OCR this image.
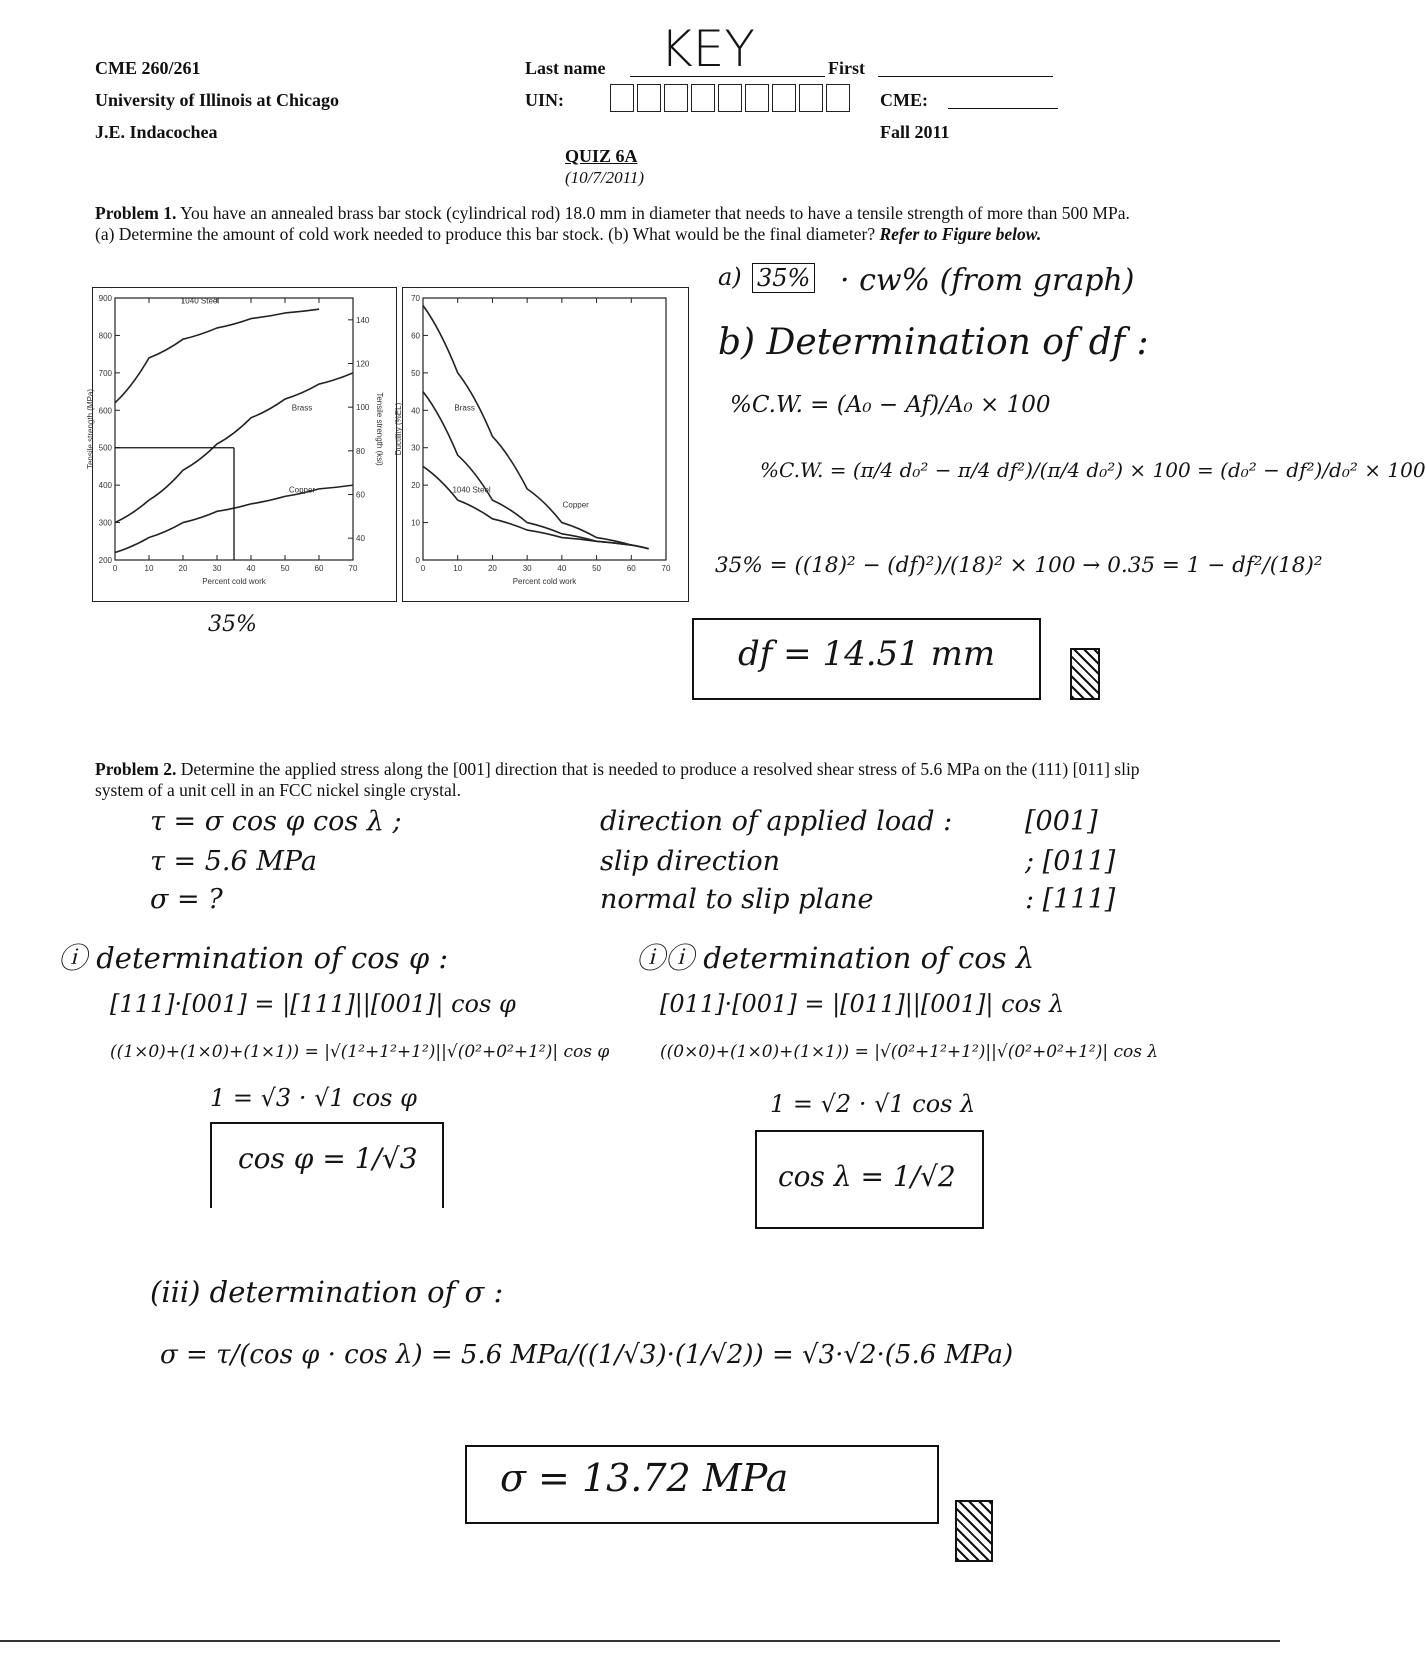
CME 260/261
University of Illinois at Chicago
J.E. Indacochea
Last name KEY	First
UIN:	CME:
Fall 2011
QUIZ 6A
(10/7/2011)
Problem 1. You have an annealed brass bar stock (cylindrical rod) 18.0 mm in diameter that needs to have a tensile strength of more than 500 MPa. (a) Determine the amount of cold work needed to produce this bar stock. (b) What would be the final diameter? Refer to Figure below.
0	10	20	30	40	50	60	70
200
300
400
500
600
700
800
900
40
60
80
100
120
140
Tensile strength (ksi)
Percent cold work
Tensile strength (MPa)
1040 Steel
Brass
Copper
0	10	20	30	40	50	60	70
0
10
20
30
40
50
60
70
Percent cold work
Ductility (%EL)	Brass
Copper
1040 Steel
35%
a) 35% · cw% (from graph)
b) Determination of df :
%C.W. = (A₀ − Af)/A₀ × 100
%C.W. = (π/4 d₀² − π/4 df²)/(π/4 d₀²) × 100 = (d₀² − df²)/d₀² × 100
35% = ((18)² − (df)²)/(18)² × 100 → 0.35 = 1 − df²/(18)²
df = 14.51 mm
Problem 2. Determine the applied stress along the [001] direction that is needed to produce a resolved shear stress of 5.6 MPa on the (111) [011] slip system of a unit cell in an FCC nickel single crystal.
τ = σ cos φ cos λ ;
τ = 5.6 MPa
σ = ?
direction of applied load :	[001]
slip direction	; [011]
normal to slip plane	: [111]
ⓘ determination of cos φ :
[111]·[001] = |[111]||[001]| cos φ
((1×0)+(1×0)+(1×1)) = |√(1²+1²+1²)||√(0²+0²+1²)| cos φ
1 = √3 · √1 cos φ
cos φ = 1/√3
ⓘⓘ determination of cos λ
[011]·[001] = |[011]||[001]| cos λ
((0×0)+(1×0)+(1×1)) = |√(0²+1²+1²)||√(0²+0²+1²)| cos λ
1 = √2 · √1 cos λ
cos λ = 1/√2
(iii) determination of σ :
σ = τ/(cos φ · cos λ) = 5.6 MPa/((1/√3)·(1/√2)) = √3·√2·(5.6 MPa)
σ = 13.72 MPa
